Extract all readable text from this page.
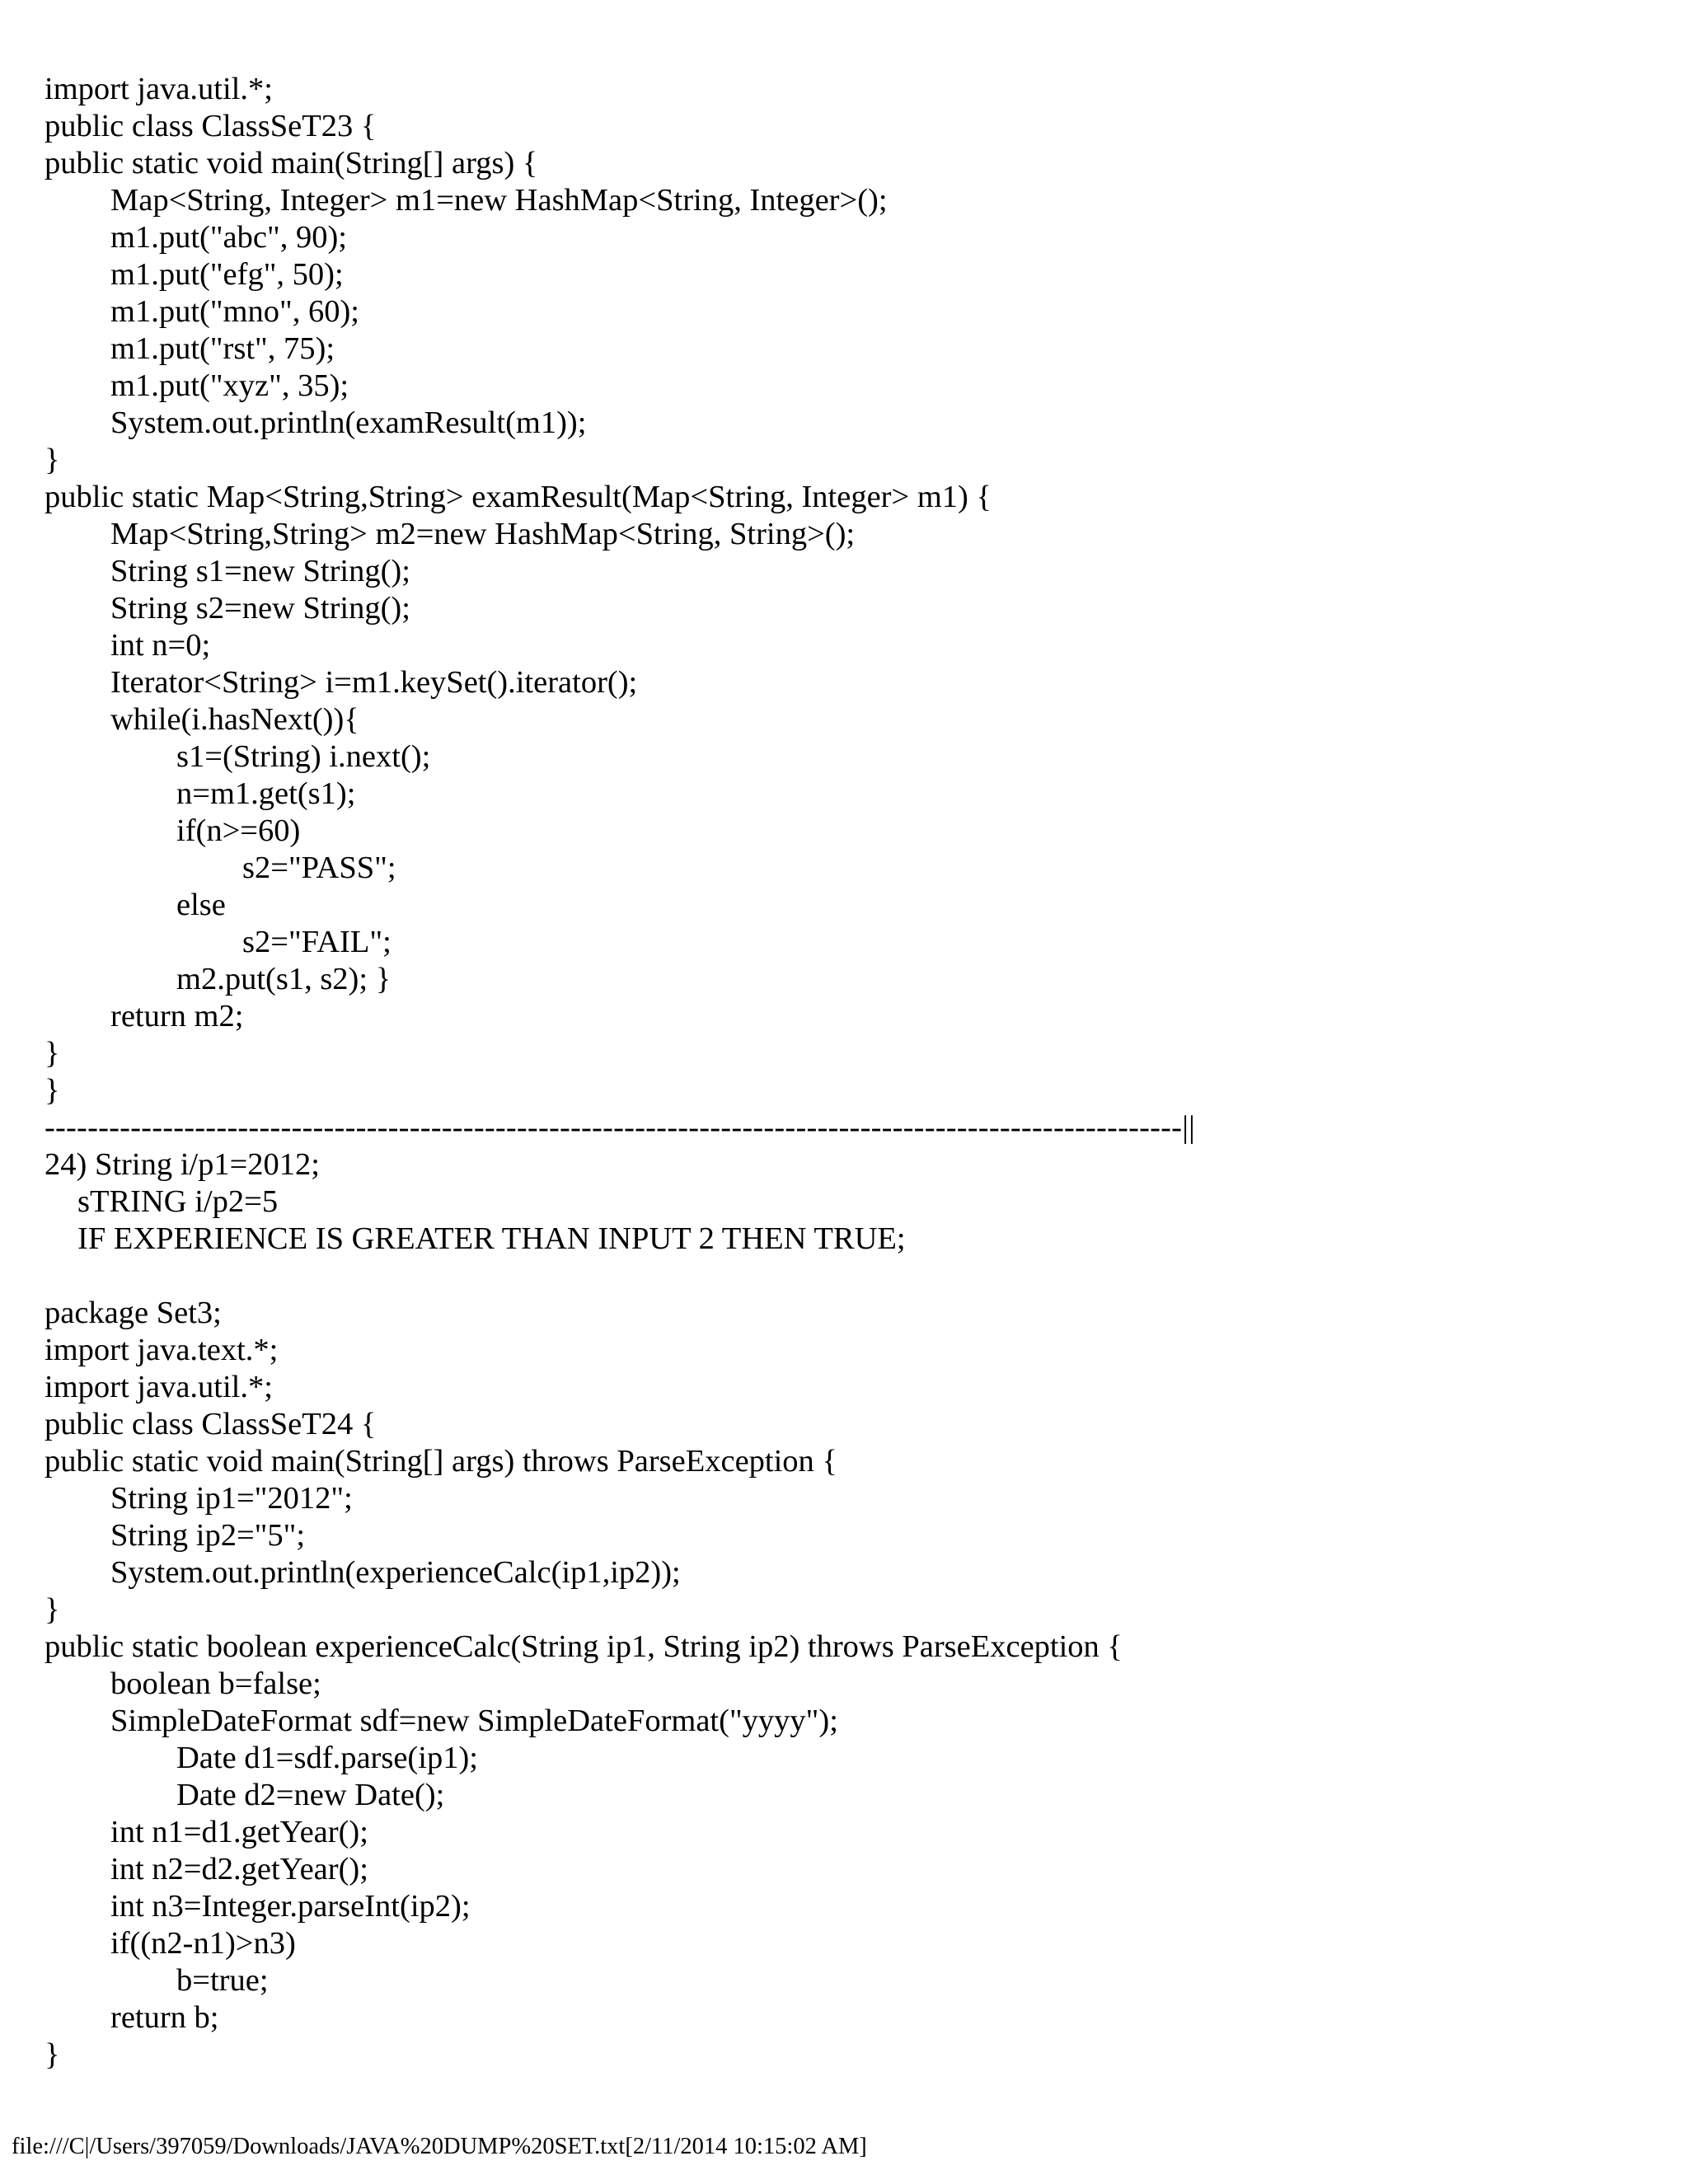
import java.util.*;
public class ClassSeT23 {
public static void main(String[] args) {
Map<String, Integer> m1=new HashMap<String, Integer>();
m1.put("abc", 90);
m1.put("efg", 50);
m1.put("mno", 60);
m1.put("rst", 75);
m1.put("xyz", 35);
System.out.println(examResult(m1));
}
public static Map<String,String> examResult(Map<String, Integer> m1) {
Map<String,String> m2=new HashMap<String, String>();
String s1=new String();
String s2=new String();
int n=0;
Iterator<String> i=m1.keySet().iterator();
while(i.hasNext()){
s1=(String) i.next();
n=m1.get(s1);
if(n>=60)
s2="PASS";
else
s2="FAIL";
m2.put(s1, s2); }
return m2;
}
}
----------------------------------------------------------------------------------------------------------||
24) String i/p1=2012;
sTRING i/p2=5
IF EXPERIENCE IS GREATER THAN INPUT 2 THEN TRUE;
package Set3;
import java.text.*;
import java.util.*;
public class ClassSeT24 {
public static void main(String[] args) throws ParseException {
String ip1="2012";
String ip2="5";
System.out.println(experienceCalc(ip1,ip2));
}
public static boolean experienceCalc(String ip1, String ip2) throws ParseException {
boolean b=false;
SimpleDateFormat sdf=new SimpleDateFormat("yyyy");
Date d1=sdf.parse(ip1);
Date d2=new Date();
int n1=d1.getYear();
int n2=d2.getYear();
int n3=Integer.parseInt(ip2);
if((n2-n1)>n3)
b=true;
return b;
}
file:///C|/Users/397059/Downloads/JAVA%20DUMP%20SET.txt[2/11/2014 10:15:02 AM]
